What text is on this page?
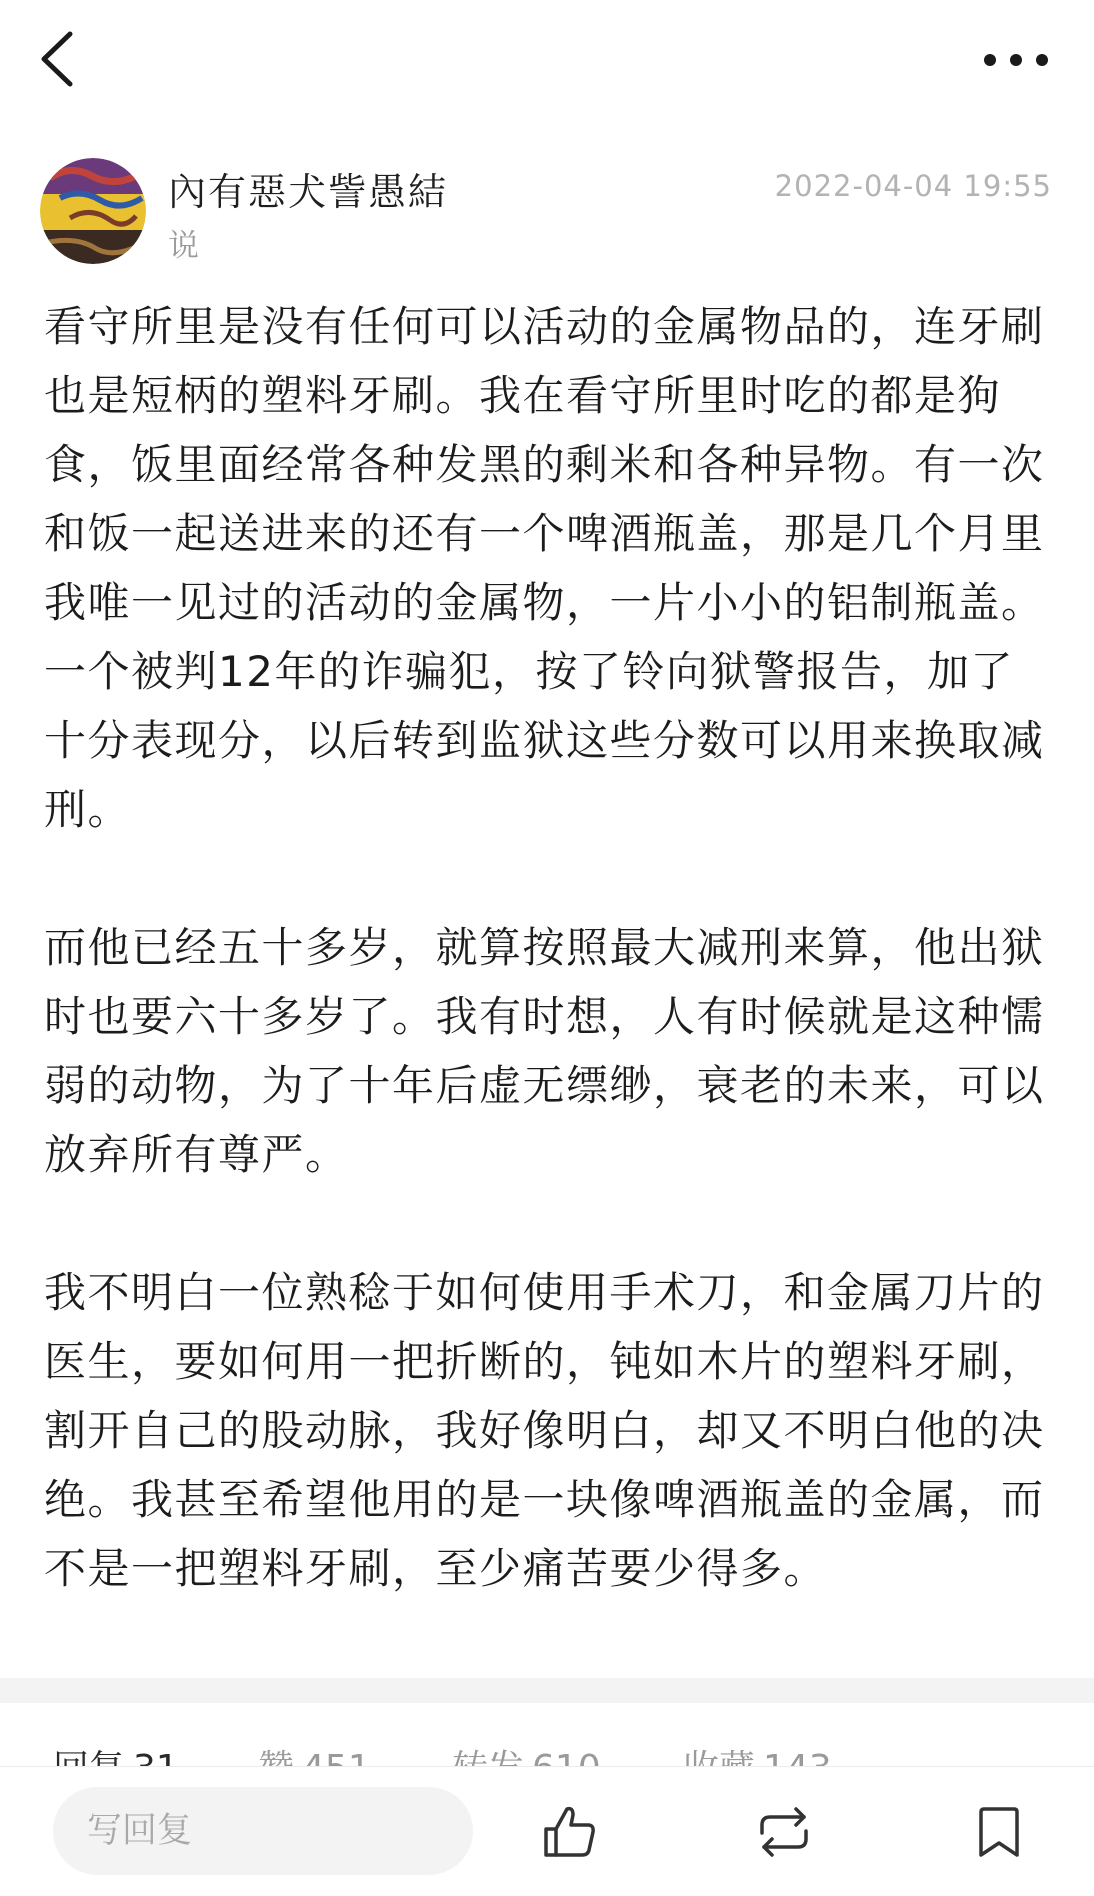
內有惡犬訾愚結
说
2022-04-04 19:55

看守所里是没有任何可以活动的金属物品的，连牙刷也是短柄的塑料牙刷。我在看守所里时吃的都是狗食，饭里面经常各种发黑的剩米和各种异物。有一次和饭一起送进来的还有一个啤酒瓶盖，那是几个月里我唯一见过的活动的金属物，一片小小的铝制瓶盖。一个被判12年的诈骗犯，按了铃向狱警报告，加了十分表现分，以后转到监狱这些分数可以用来换取减刑。

而他已经五十多岁，就算按照最大减刑来算，他出狱时也要六十多岁了。我有时想，人有时候就是这种懦弱的动物，为了十年后虚无缥缈，衰老的未来，可以放弃所有尊严。

我不明白一位熟稔于如何使用手术刀，和金属刀片的医生，要如何用一把折断的，钝如木片的塑料牙刷，割开自己的股动脉，我好像明白，却又不明白他的决绝。我甚至希望他用的是一块像啤酒瓶盖的金属，而不是一把塑料牙刷，至少痛苦要少得多。

写回复
